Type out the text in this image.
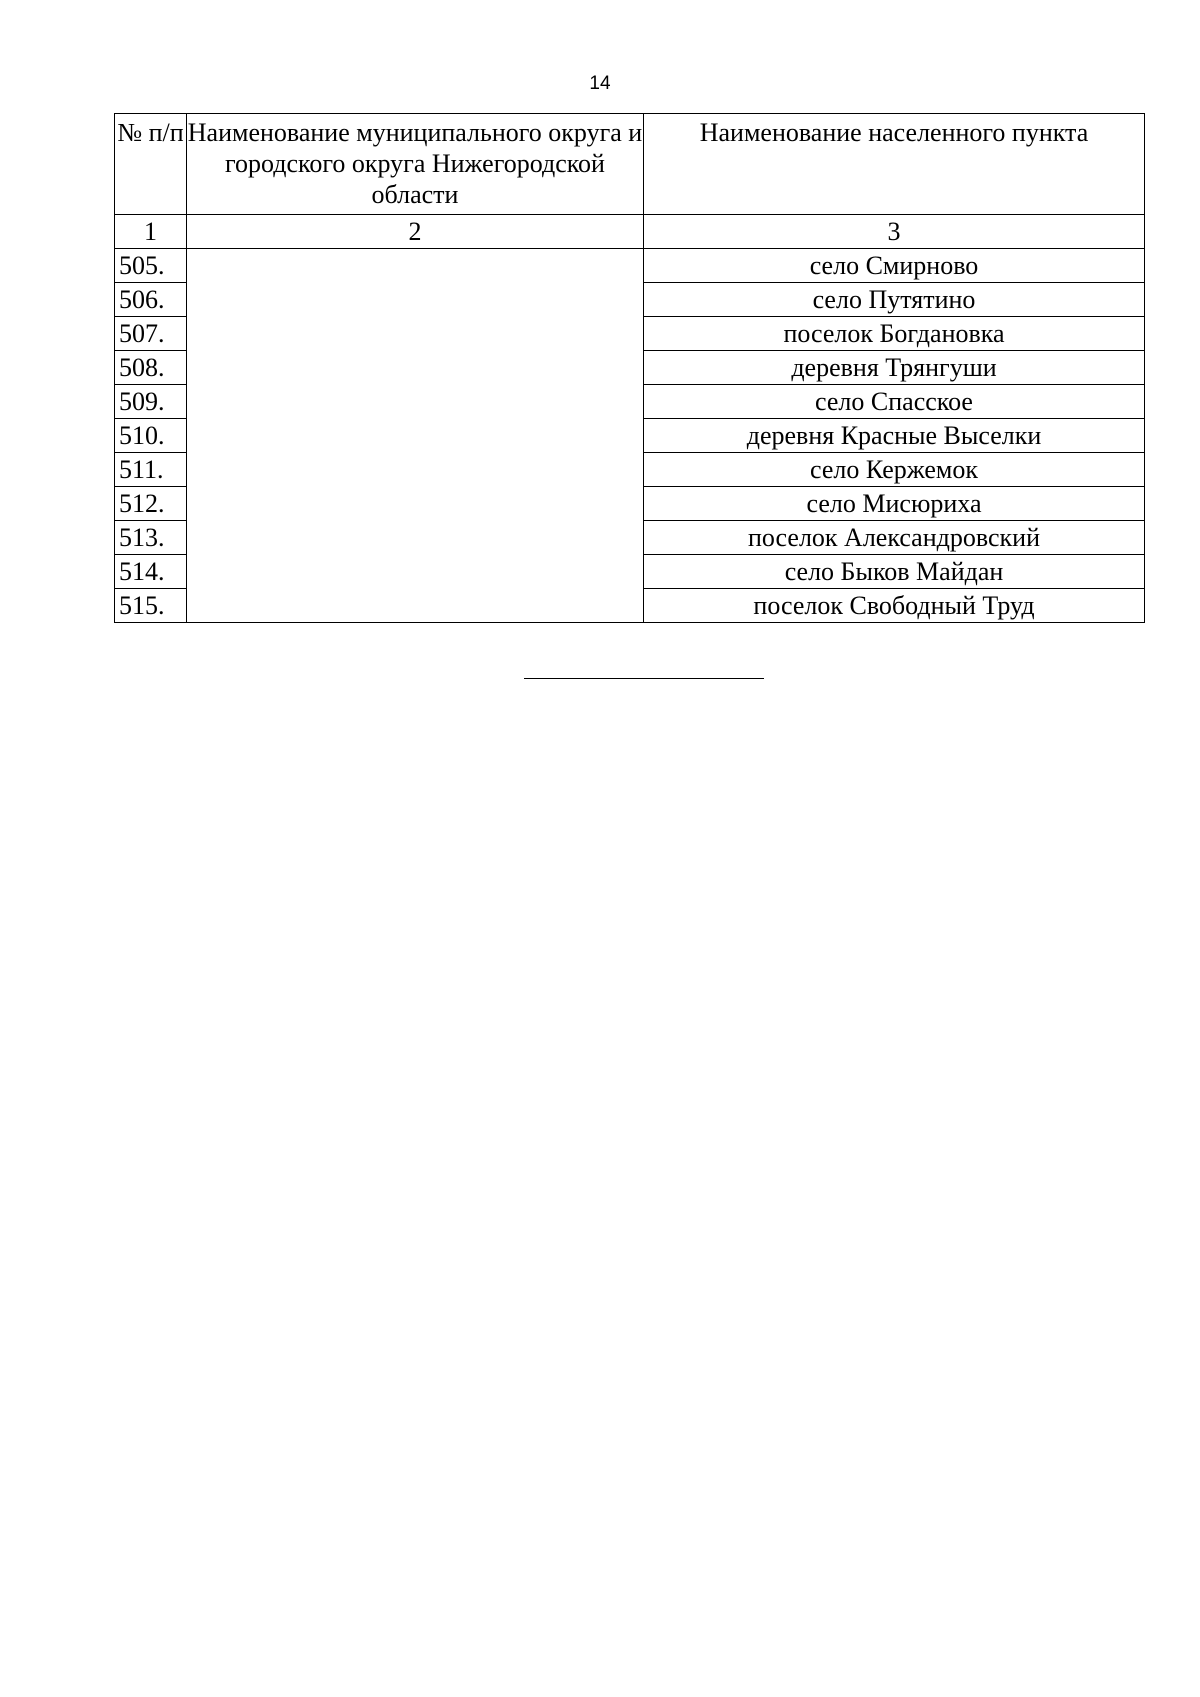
14
№ п/п	Наименование муниципального округа и городского округа Нижегородской области	Наименование населенного пункта
1	2	3
505.		село Смирново
506.		село Путятино
507.		поселок Богдановка
508.		деревня Трянгуши
509.		село Спасское
510.		деревня Красные Выселки
511.		село Кержемок
512.		село Мисюриха
513.		поселок Александровский
514.		село Быков Майдан
515.		поселок Свободный Труд
